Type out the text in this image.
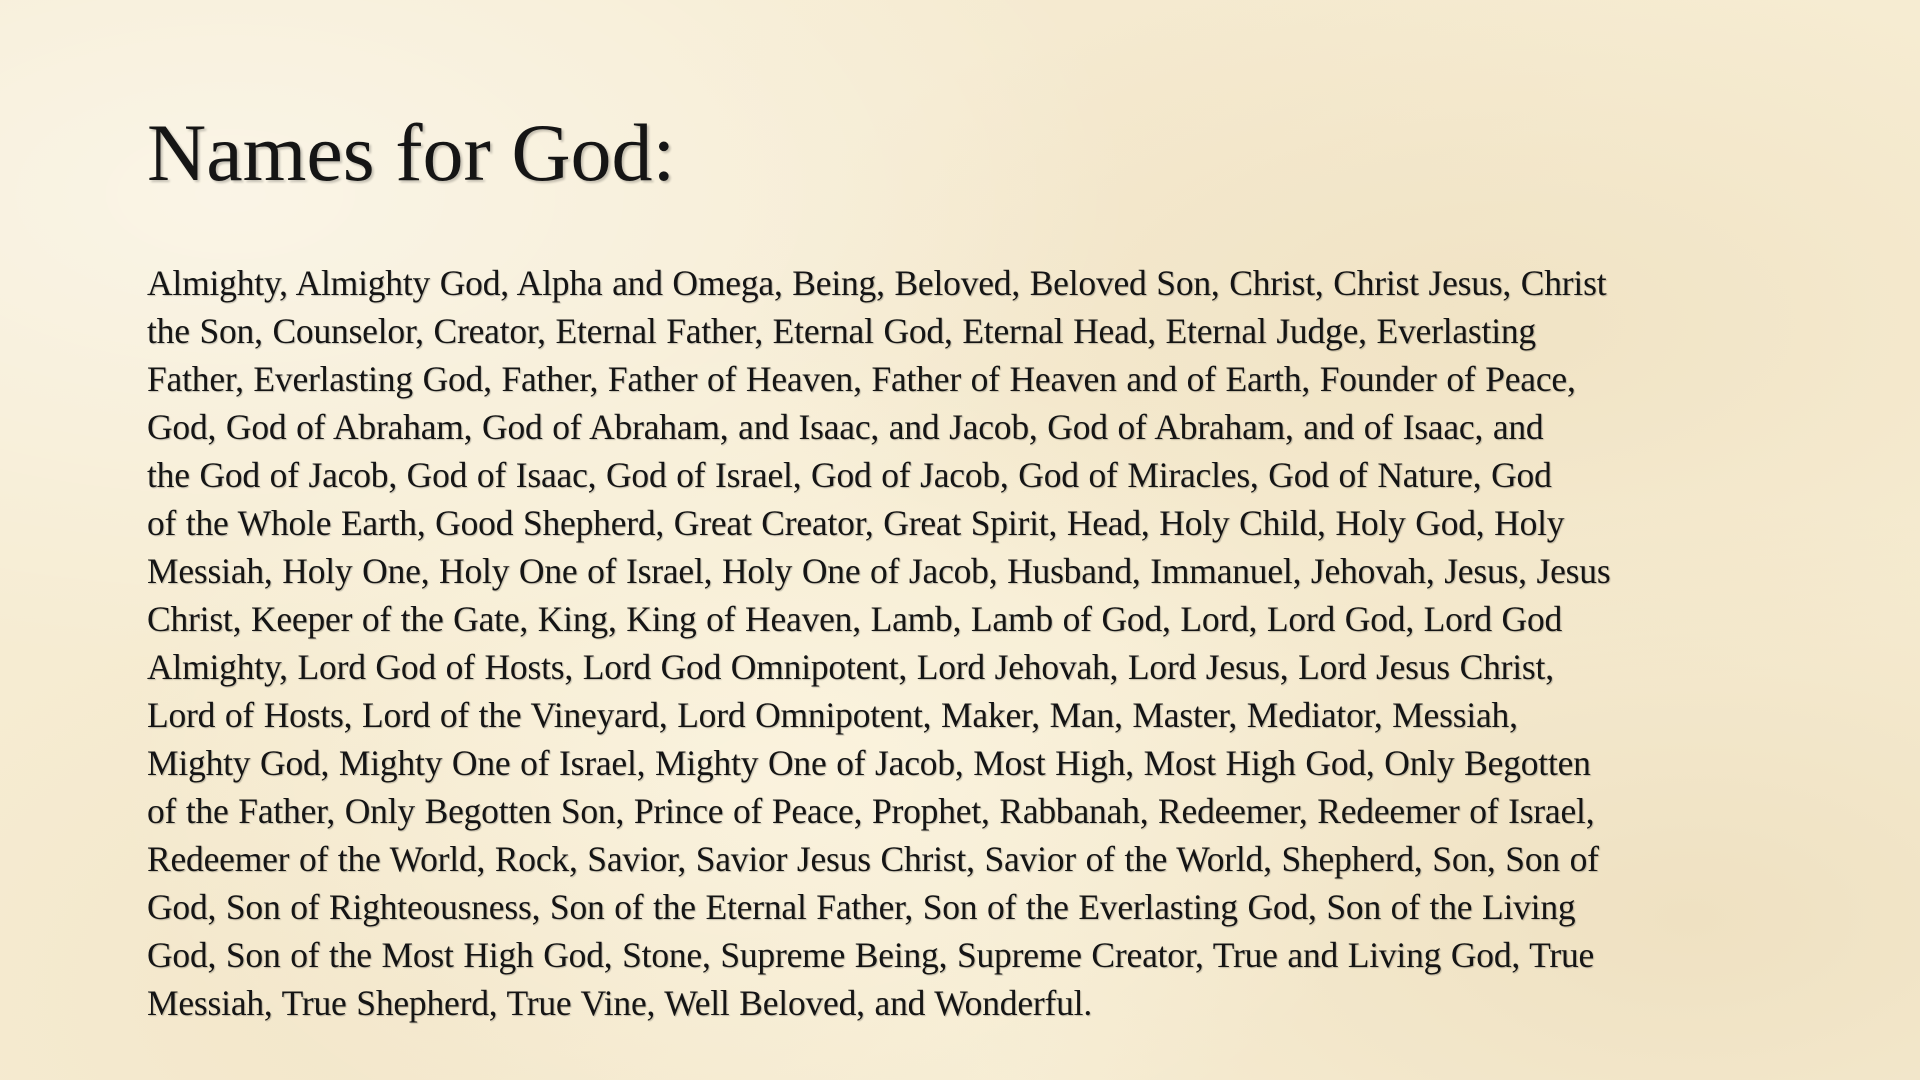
Names for God:
Almighty, Almighty God, Alpha and Omega, Being, Beloved, Beloved Son, Christ, Christ Jesus, Christ
the Son, Counselor, Creator, Eternal Father, Eternal God, Eternal Head, Eternal Judge, Everlasting
Father, Everlasting God, Father, Father of Heaven, Father of Heaven and of Earth, Founder of Peace,
God, God of Abraham, God of Abraham, and Isaac, and Jacob, God of Abraham, and of Isaac, and
the God of Jacob, God of Isaac, God of Israel, God of Jacob, God of Miracles, God of Nature, God
of the Whole Earth, Good Shepherd, Great Creator, Great Spirit, Head, Holy Child, Holy God, Holy
Messiah, Holy One, Holy One of Israel, Holy One of Jacob, Husband, Immanuel, Jehovah, Jesus, Jesus
Christ, Keeper of the Gate, King, King of Heaven, Lamb, Lamb of God, Lord, Lord God, Lord God
Almighty, Lord God of Hosts, Lord God Omnipotent, Lord Jehovah, Lord Jesus, Lord Jesus Christ,
Lord of Hosts, Lord of the Vineyard, Lord Omnipotent, Maker, Man, Master, Mediator, Messiah,
Mighty God, Mighty One of Israel, Mighty One of Jacob, Most High, Most High God, Only Begotten
of the Father, Only Begotten Son, Prince of Peace, Prophet, Rabbanah, Redeemer, Redeemer of Israel,
Redeemer of the World, Rock, Savior, Savior Jesus Christ, Savior of the World, Shepherd, Son, Son of
God, Son of Righteousness, Son of the Eternal Father, Son of the Everlasting God, Son of the Living
God, Son of the Most High God, Stone, Supreme Being, Supreme Creator, True and Living God, True
Messiah, True Shepherd, True Vine, Well Beloved, and Wonderful.
